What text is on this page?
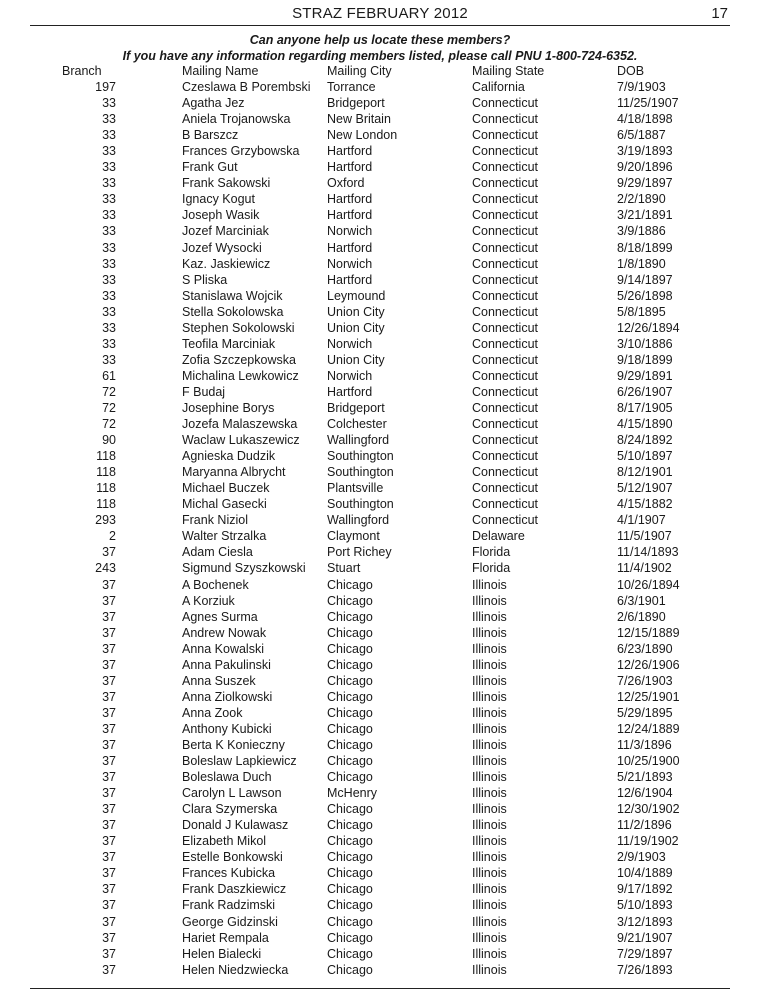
STRAZ FEBRUARY 2012	17
Can anyone help us locate these members?
If you have any information regarding members listed, please call PNU 1-800-724-6352.
Branch	Mailing Name	Mailing City	Mailing State	DOB
197	Czeslawa B Porembski	Torrance	California	7/9/1903
33	Agatha Jez	Bridgeport	Connecticut	11/25/1907
33	Aniela Trojanowska	New Britain	Connecticut	4/18/1898
33	B Barszcz	New London	Connecticut	6/5/1887
33	Frances Grzybowska	Hartford	Connecticut	3/19/1893
33	Frank Gut	Hartford	Connecticut	9/20/1896
33	Frank Sakowski	Oxford	Connecticut	9/29/1897
33	Ignacy Kogut	Hartford	Connecticut	2/2/1890
33	Joseph Wasik	Hartford	Connecticut	3/21/1891
33	Jozef Marciniak	Norwich	Connecticut	3/9/1886
33	Jozef Wysocki	Hartford	Connecticut	8/18/1899
33	Kaz. Jaskiewicz	Norwich	Connecticut	1/8/1890
33	S Pliska	Hartford	Connecticut	9/14/1897
33	Stanislawa Wojcik	Leymound	Connecticut	5/26/1898
33	Stella Sokolowska	Union City	Connecticut	5/8/1895
33	Stephen Sokolowski	Union City	Connecticut	12/26/1894
33	Teofila Marciniak	Norwich	Connecticut	3/10/1886
33	Zofia Szczepkowska	Union City	Connecticut	9/18/1899
61	Michalina Lewkowicz	Norwich	Connecticut	9/29/1891
72	F Budaj	Hartford	Connecticut	6/26/1907
72	Josephine Borys	Bridgeport	Connecticut	8/17/1905
72	Jozefa Malaszewska	Colchester	Connecticut	4/15/1890
90	Waclaw Lukaszewicz	Wallingford	Connecticut	8/24/1892
118	Agnieska Dudzik	Southington	Connecticut	5/10/1897
118	Maryanna Albrycht	Southington	Connecticut	8/12/1901
118	Michael Buczek	Plantsville	Connecticut	5/12/1907
118	Michal Gasecki	Southington	Connecticut	4/15/1882
293	Frank Niziol	Wallingford	Connecticut	4/1/1907
2	Walter Strzalka	Claymont	Delaware	11/5/1907
37	Adam Ciesla	Port Richey	Florida	11/14/1893
243	Sigmund Szyszkowski	Stuart	Florida	11/4/1902
37	A Bochenek	Chicago	Illinois	10/26/1894
37	A Korziuk	Chicago	Illinois	6/3/1901
37	Agnes Surma	Chicago	Illinois	2/6/1890
37	Andrew Nowak	Chicago	Illinois	12/15/1889
37	Anna Kowalski	Chicago	Illinois	6/23/1890
37	Anna Pakulinski	Chicago	Illinois	12/26/1906
37	Anna Suszek	Chicago	Illinois	7/26/1903
37	Anna Ziolkowski	Chicago	Illinois	12/25/1901
37	Anna Zook	Chicago	Illinois	5/29/1895
37	Anthony Kubicki	Chicago	Illinois	12/24/1889
37	Berta K Konieczny	Chicago	Illinois	11/3/1896
37	Boleslaw Lapkiewicz	Chicago	Illinois	10/25/1900
37	Boleslawa Duch	Chicago	Illinois	5/21/1893
37	Carolyn L Lawson	McHenry	Illinois	12/6/1904
37	Clara Szymerska	Chicago	Illinois	12/30/1902
37	Donald J Kulawasz	Chicago	Illinois	11/2/1896
37	Elizabeth Mikol	Chicago	Illinois	11/19/1902
37	Estelle Bonkowski	Chicago	Illinois	2/9/1903
37	Frances Kubicka	Chicago	Illinois	10/4/1889
37	Frank Daszkiewicz	Chicago	Illinois	9/17/1892
37	Frank Radzimski	Chicago	Illinois	5/10/1893
37	George Gidzinski	Chicago	Illinois	3/12/1893
37	Hariet Rempala	Chicago	Illinois	9/21/1907
37	Helen Bialecki	Chicago	Illinois	7/29/1897
37	Helen Niedzwiecka	Chicago	Illinois	7/26/1893
